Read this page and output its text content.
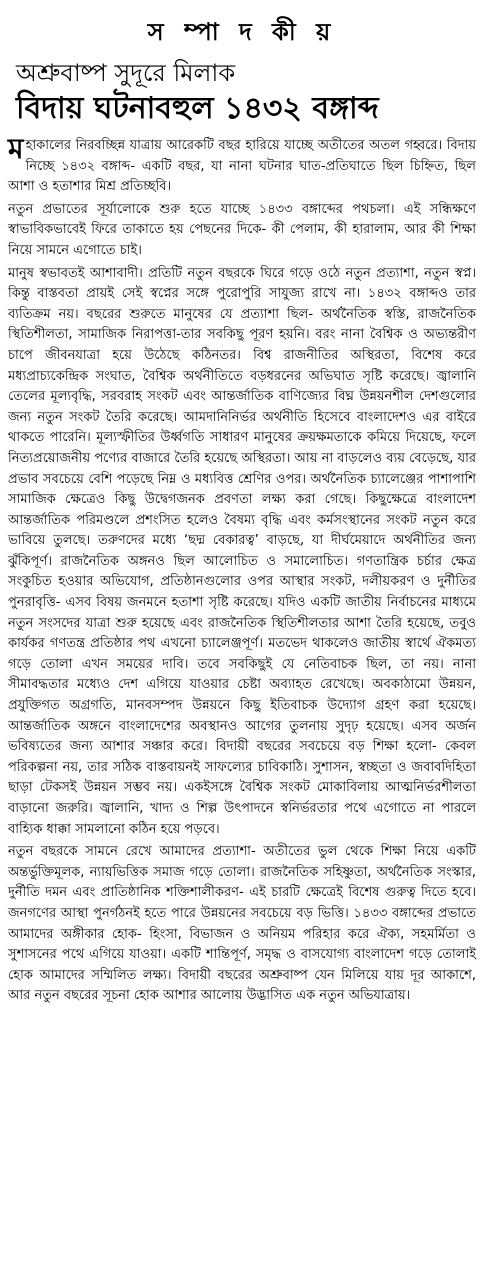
স ম্পা দ কী য়
অশ্রুবাষ্প সুদূরে মিলাক
বিদায় ঘটনাবহুল ১৪৩২ বঙ্গাব্দ

মহাকালের নিরবচ্ছিন্ন যাত্রায় আরেকটি বছর হারিয়ে যাচ্ছে অতীতের অতল গহ্বরে। বিদায় নিচ্ছে ১৪৩২ বঙ্গাব্দ- একটি বছর, যা নানা ঘটনার ঘাত-প্রতিঘাতে ছিল চিহ্নিত, ছিল আশা ও হতাশার মিশ্র প্রতিচ্ছবি।

নতুন প্রভাতের সূর্যালোকে শুরু হতে যাচ্ছে ১৪৩৩ বঙ্গাব্দের পথচলা। এই সন্ধিক্ষণে স্বাভাবিকভাবেই ফিরে তাকাতে হয় পেছনের দিকে- কী পেলাম, কী হারালাম, আর কী শিক্ষা নিয়ে সামনে এগোতে চাই।

মানুষ স্বভাবতই আশাবাদী। প্রতিটি নতুন বছরকে ঘিরে গড়ে ওঠে নতুন প্রত্যাশা, নতুন স্বপ্ন। কিন্তু বাস্তবতা প্রায়ই সেই স্বপ্নের সঙ্গে পুরোপুরি সাযুজ্য রাখে না। ১৪৩২ বঙ্গাব্দও তার ব্যতিক্রম নয়। বছরের শুরুতে মানুষের যে প্রত্যাশা ছিল- অর্থনৈতিক স্বস্তি, রাজনৈতিক স্থিতিশীলতা, সামাজিক নিরাপত্তা-তার সবকিছু পূরণ হয়নি। বরং নানা বৈশ্বিক ও অভ্যন্তরীণ চাপে জীবনযাত্রা হয়ে উঠেছে কঠিনতর। বিশ্ব রাজনীতির অস্থিরতা, বিশেষ করে মধ্যপ্রাচ্যকেন্দ্রিক সংঘাত, বৈশ্বিক অর্থনীতিতে বড়ধরনের অভিঘাত সৃষ্টি করেছে। জ্বালানি তেলের মূল্যবৃদ্ধি, সরবরাহ সংকট এবং আন্তর্জাতিক বাণিজ্যের বিঘ্ন উন্নয়নশীল দেশগুলোর জন্য নতুন সংকট তৈরি করেছে। আমদানিনির্ভর অর্থনীতি হিসেবে বাংলাদেশও এর বাইরে থাকতে পারেনি। মূল্যস্ফীতির উর্ধ্বগতি সাধারণ মানুষের ক্রয়ক্ষমতাকে কমিয়ে দিয়েছে, ফলে নিত্যপ্রয়োজনীয় পণ্যের বাজারে তৈরি হয়েছে অস্থিরতা। আয় না বাড়লেও ব্যয় বেড়েছে, যার প্রভাব সবচেয়ে বেশি পড়েছে নিম্ন ও মধ্যবিত্ত শ্রেণির ওপর। অর্থনৈতিক চ্যালেঞ্জের পাশাপাশি সামাজিক ক্ষেত্রেও কিছু উদ্বেগজনক প্রবণতা লক্ষ্য করা গেছে। কিছুক্ষেত্রে বাংলাদেশ আন্তর্জাতিক পরিমণ্ডলে প্রশংসিত হলেও বৈষম্য বৃদ্ধি এবং কর্মসংস্থানের সংকট নতুন করে ভাবিয়ে তুলছে। তরুণদের মধ্যে ‘ছদ্ম বেকারত্ব’ বাড়ছে, যা দীর্ঘমেয়াদে অর্থনীতির জন্য ঝুঁকিপূর্ণ। রাজনৈতিক অঙ্গনও ছিল আলোচিত ও সমালোচিত। গণতান্ত্রিক চর্চার ক্ষেত্র সংকুচিত হওয়ার অভিযোগ, প্রতিষ্ঠানগুলোর ওপর আস্থার সংকট, দলীয়করণ ও দুর্নীতির পুনরাবৃত্তি- এসব বিষয় জনমনে হতাশা সৃষ্টি করেছে। যদিও একটি জাতীয় নির্বাচনের মাধ্যমে নতুন সংসদের যাত্রা শুরু হয়েছে এবং রাজনৈতিক স্থিতিশীলতার আশা তৈরি হয়েছে, তবুও কার্যকর গণতন্ত্র প্রতিষ্ঠার পথ এখনো চ্যালেঞ্জপূর্ণ। মতভেদ থাকলেও জাতীয় স্বার্থে ঐকমত্য গড়ে তোলা এখন সময়ের দাবি। তবে সবকিছুই যে নেতিবাচক ছিল, তা নয়। নানা সীমাবদ্ধতার মধ্যেও দেশ এগিয়ে যাওয়ার চেষ্টা অব্যাহত রেখেছে। অবকাঠামো উন্নয়ন, প্রযুক্তিগত অগ্রগতি, মানবসম্পদ উন্নয়নে কিছু ইতিবাচক উদ্যোগ গ্রহণ করা হয়েছে। আন্তর্জাতিক অঙ্গনে বাংলাদেশের অবস্থানও আগের তুলনায় সুদৃঢ় হয়েছে। এসব অর্জন ভবিষ্যতের জন্য আশার সঞ্চার করে। বিদায়ী বছরের সবচেয়ে বড় শিক্ষা হলো- কেবল পরিকল্পনা নয়, তার সঠিক বাস্তবায়নই সাফল্যের চাবিকাঠি। সুশাসন, স্বচ্ছতা ও জবাবদিহিতা ছাড়া টেকসই উন্নয়ন সম্ভব নয়। একইসঙ্গে বৈশ্বিক সংকট মোকাবিলায় আত্মনির্ভরশীলতা বাড়ানো জরুরি। জ্বালানি, খাদ্য ও শিল্প উৎপাদনে স্বনির্ভরতার পথে এগোতে না পারলে বাহ্যিক ধাক্কা সামলানো কঠিন হয়ে পড়বে।

নতুন বছরকে সামনে রেখে আমাদের প্রত্যাশা- অতীতের ভুল থেকে শিক্ষা নিয়ে একটি অন্তর্ভুক্তিমূলক, ন্যায়ভিত্তিক সমাজ গড়ে তোলা। রাজনৈতিক সহিষ্ণুতা, অর্থনৈতিক সংস্কার, দুর্নীতি দমন এবং প্রাতিষ্ঠানিক শক্তিশালীকরণ- এই চারটি ক্ষেত্রেই বিশেষ গুরুত্ব দিতে হবে। জনগণের আস্থা পুনর্গঠনই হতে পারে উন্নয়নের সবচেয়ে বড় ভিত্তি। ১৪৩৩ বঙ্গাব্দের প্রভাতে আমাদের অঙ্গীকার হোক- হিংসা, বিভাজন ও অনিয়ম পরিহার করে ঐক্য, সহমর্মিতা ও সুশাসনের পথে এগিয়ে যাওয়া। একটি শান্তিপূর্ণ, সমৃদ্ধ ও বাসযোগ্য বাংলাদেশ গড়ে তোলাই হোক আমাদের সম্মিলিত লক্ষ্য। বিদায়ী বছরের অশ্রুবাষ্প যেন মিলিয়ে যায় দূর আকাশে, আর নতুন বছরের সূচনা হোক আশার আলোয় উদ্ভাসিত এক নতুন অভিযাত্রায়।
